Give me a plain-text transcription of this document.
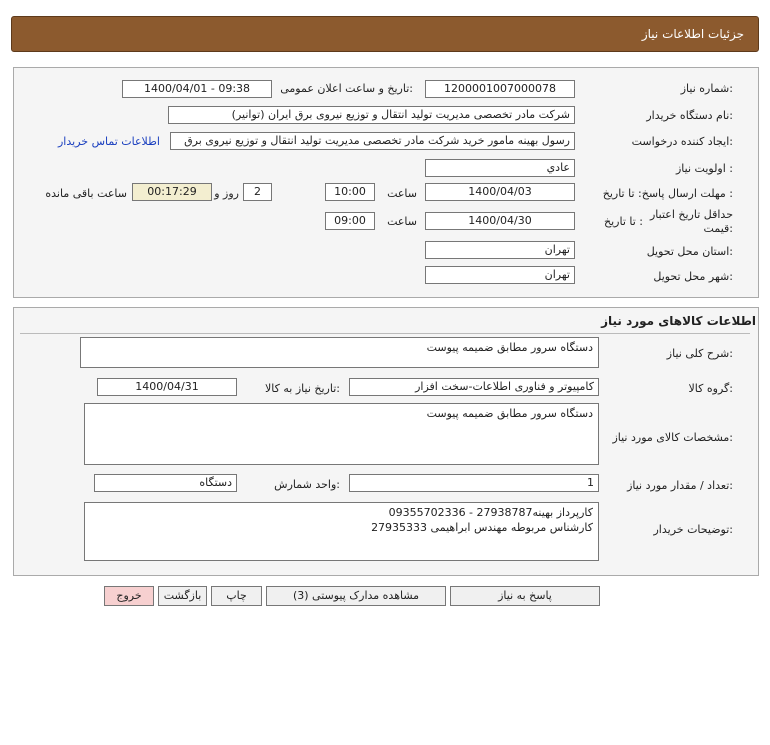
جزئیات اطلاعات نیاز
شماره نیاز:
1200001007000078
تاریخ و ساعت اعلان عمومی:
1400/04/01 - 09:38
نام دستگاه خریدار:
شرکت مادر تخصصی مدیریت تولید انتقال و توزیع نیروی برق ایران (توانیر)
ایجاد کننده درخواست:
رسول بهینه مامور خرید شرکت مادر تخصصی مدیریت تولید انتقال و توزیع نیروی برق
اطلاعات تماس خریدار
اولویت نیاز :
عادي
مهلت ارسال پاسخ: تا تاریخ :
1400/04/03
ساعت
10:00
2
روز و
00:17:29
ساعت باقی مانده
حداقل تاریخ اعتبار قیمت:
تا تاریخ :
1400/04/30
ساعت
09:00
استان محل تحویل:
تهران
شهر محل تحویل:
تهران
اطلاعات کالاهای مورد نیاز
شرح کلی نیاز:
دستگاه سرور مطابق ضمیمه پیوست
گروه کالا:
کامپیوتر و فناوری اطلاعات-سخت افزار
تاریخ نیاز به کالا:
1400/04/31
مشخصات کالای مورد نیاز:
دستگاه سرور مطابق ضمیمه پیوست
تعداد / مقدار مورد نیاز:
1
واحد شمارش:
دستگاه
توضیحات خریدار:
کارپرداز بهینه27938787 - 09355702336
کارشناس مربوطه مهندس ابراهیمی 27935333
پاسخ به نیاز
مشاهده مدارک پیوستی (3)
چاپ
بازگشت
خروج
